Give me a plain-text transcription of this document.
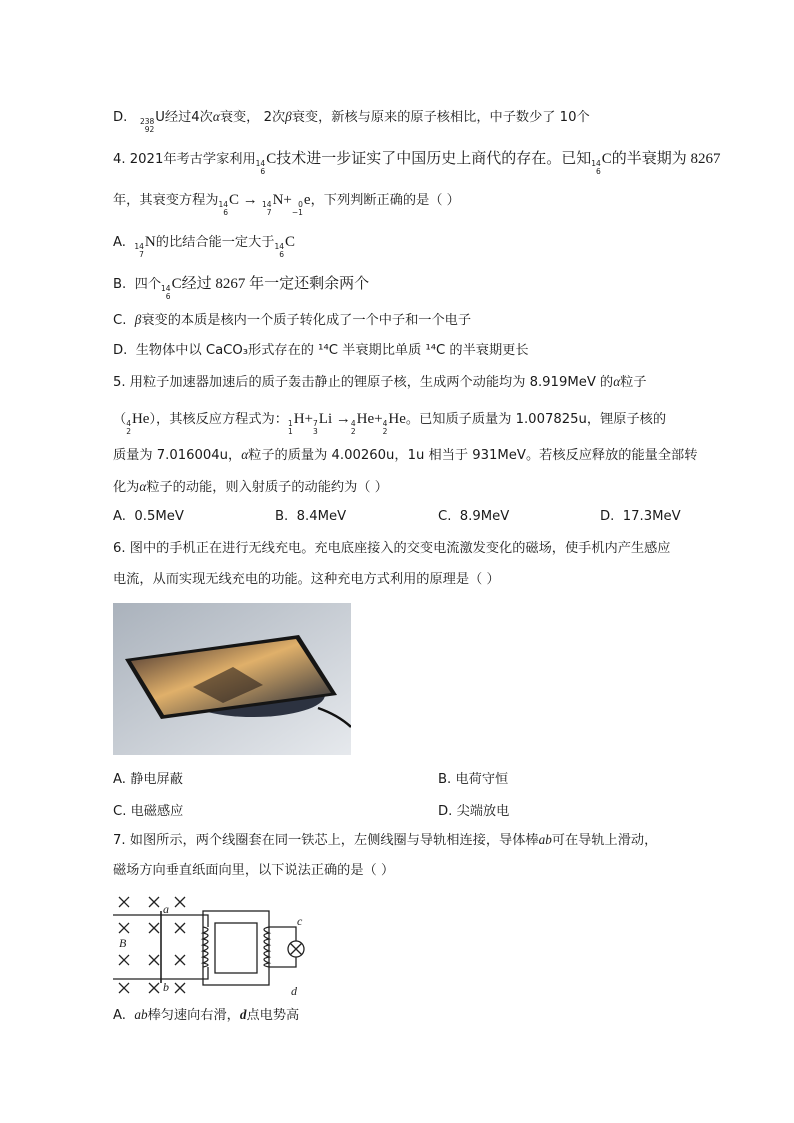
D. 238
92
U经过4次α衰变， 2次β衰变，新核与原来的原子核相比，中子数少了 10个
4. 2021年考古学家利用 14
6
C技术进一步证实了中国历史上商代的存在。已知 14
6
C的半衰期为 8267
年，其衰变方程为 14
6
C → 14
7
N+ 0
−1
e，下列判断正确的是（ ）
A. 14
7
N的比结合能一定大于 14
6
C
B. 四个 14
6
C经过 8267 年一定还剩余两个
C. β衰变的本质是核内一个质子转化成了一个中子和一个电子
D. 生物体中以 CaCO₃形式存在的 ¹⁴C 半衰期比单质 ¹⁴C 的半衰期更长
5. 用粒子加速器加速后的质子轰击静止的锂原子核，生成两个动能均为 8.919MeV 的α粒子
（ 4
2
He），其核反应方程式为： 1
1
H+ 7
3
Li → 4
2
He+ 4
2
He。已知质子质量为 1.007825u，锂原子核的
质量为 7.016004u，α粒子的质量为 4.00260u，1u 相当于 931MeV。若核反应释放的能量全部转
化为α粒子的动能，则入射质子的动能约为（ ）
A. 0.5MeV	B. 8.4MeV	C. 8.9MeV	D. 17.3MeV
6. 图中的手机正在进行无线充电。充电底座接入的交变电流激发变化的磁场，使手机内产生感应
电流，从而实现无线充电的功能。这种充电方式利用的原理是（ ）
A. 静电屏蔽	B. 电荷守恒
C. 电磁感应	D. 尖端放电
7. 如图所示，两个线圈套在同一铁芯上，左侧线圈与导轨相连接，导体棒ab可在导轨上滑动，
磁场方向垂直纸面向里，以下说法正确的是（ ）
a
b
B
c
d
A. ab棒匀速向右滑，d点电势高
